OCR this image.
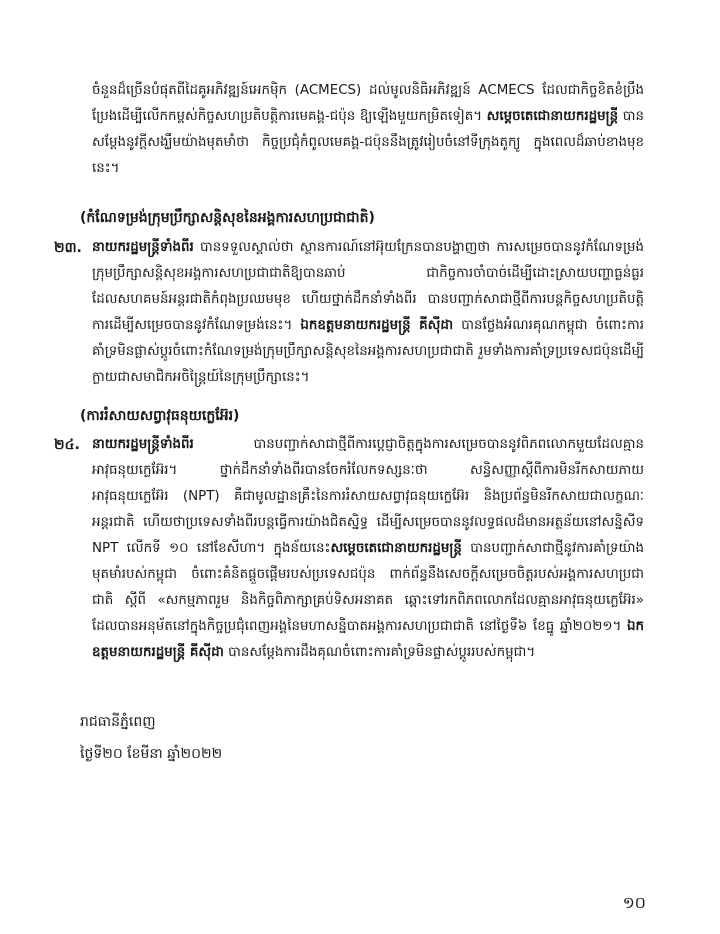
ចំនួនដ៏ច្រើនបំផុតពីដៃគូអភិវឌ្ឍន៍អេកម៉ិក (ACMECS) ដល់មូលនិធិអភិវឌ្ឍន៍ ACMECS ដែលជាកិច្ចខិតខំប្រឹងប្រែងដើម្បីលើកកម្ពស់កិច្ចសហប្រតិបត្តិការមេគង្គ-ជប៉ុន ឱ្យឡើងមួយកម្រិតទៀត។ សម្តេចតេជោនាយករដ្ឋមន្ត្រី បានសម្តែងនូវក្តីសង្ឃឹមយ៉ាងមុតមាំថា កិច្ចប្រជុំកំពូលមេគង្គ-ជប៉ុននឹងត្រូវរៀបចំនៅទីក្រុងតូក្យូ ក្នុងពេលដ៏ឆាប់ខាងមុខនេះ។

(កំណែទម្រង់ក្រុមប្រឹក្សាសន្តិសុខនៃអង្គការសហប្រជាជាតិ)
២៣. នាយករដ្ឋមន្ត្រីទាំងពីរ បានទទួលស្គាល់ថា ស្ថានការណ៍នៅអ៊ុយក្រែនបានបង្ហាញថា ការសម្រេចបាននូវកំណែទម្រង់ក្រុមប្រឹក្សាសន្តិសុខអង្គការសហប្រជាជាតិឱ្យបានឆាប់ ជាកិច្ចការចាំបាច់ដើម្បីដោះស្រាយបញ្ហាធ្ងន់ធ្ងរ ដែលសហគមន៍អន្តរជាតិកំពុងប្រឈមមុខ ហើយថ្នាក់ដឹកនាំទាំងពីរ បានបញ្ជាក់សាជាថ្មីពីការបន្តកិច្ចសហប្រតិបត្តិការដើម្បីសម្រេចបាននូវកំណែទម្រង់នេះ។ ឯកឧត្តមនាយករដ្ឋមន្ត្រី គីស៊ីដា បានថ្លែងអំណរគុណកម្ពុជា ចំពោះការគាំទ្រមិនផ្លាស់ប្តូរចំពោះកំណែទម្រង់ក្រុមប្រឹក្សាសន្តិសុខនៃអង្គការសហប្រជាជាតិ រួមទាំងការគាំទ្រប្រទេសជប៉ុនដើម្បីក្លាយជាសមាជិកអចិន្ត្រៃយ៍នៃក្រុមប្រឹក្សានេះ។

(ការរំសាយសព្វាវុធនុយក្លេអ៊ែរ)
២៤. នាយករដ្ឋមន្ត្រីទាំងពីរ បានបញ្ជាក់សាជាថ្មីពីការប្តេជ្ញាចិត្តក្នុងការសម្រេចបាននូវពិភពលោកមួយដែលគ្មានអាវុធនុយក្លេអ៊ែរ។ ថ្នាក់ដឹកនាំទាំងពីរបានចែករំលែកទស្សនៈថា សន្ធិសញ្ញាស្តីពីការមិនរីកសាយភាយអាវុធនុយក្លេអ៊ែរ (NPT) គឺជាមូលដ្ឋានគ្រឹះនៃការរំសាយសព្វាវុធនុយក្លេអ៊ែរ និងប្រព័ន្ធមិនរីកសាយជាលក្ខណៈអន្តរជាតិ ហើយថាប្រទេសទាំងពីរបន្តធ្វើការយ៉ាងជិតស្និទ្ធ ដើម្បីសម្រេចបាននូវលទ្ធផលដ៏មានអត្ថន័យនៅសន្និសីទ NPT លើកទី ១០ នៅខែសីហា។ ក្នុងន័យនេះសម្តេចតេជោនាយករដ្ឋមន្ត្រី បានបញ្ជាក់សាជាថ្មីនូវការគាំទ្រយ៉ាងមុតមាំរបស់កម្ពុជា ចំពោះគំនិតផ្តួចផ្តើមរបស់ប្រទេសជប៉ុន ពាក់ព័ន្ធនឹងសេចក្តីសម្រេចចិត្តរបស់អង្គការសហប្រជាជាតិ ស្តីពី «សកម្មភាពរួម និងកិច្ចពិភាក្សាគ្រប់ទិសអនាគត ឆ្ពោះទៅរកពិភពលោកដែលគ្មានអាវុធនុយក្លេអ៊ែរ» ដែលបានអនុម័តនៅក្នុងកិច្ចប្រជុំពេញអង្គនៃមហាសន្និបាតអង្គការសហប្រជាជាតិ នៅថ្ងៃទី៦ ខែធ្នូ ឆ្នាំ២០២១។ ឯកឧត្តមនាយករដ្ឋមន្ត្រី គីស៊ីដា បានសម្តែងការដឹងគុណចំពោះការគាំទ្រមិនផ្លាស់ប្តូររបស់កម្ពុជា។

រាជធានីភ្នំពេញ

ថ្ងៃទី២០ ខែមីនា ឆ្នាំ២០២២

១០
